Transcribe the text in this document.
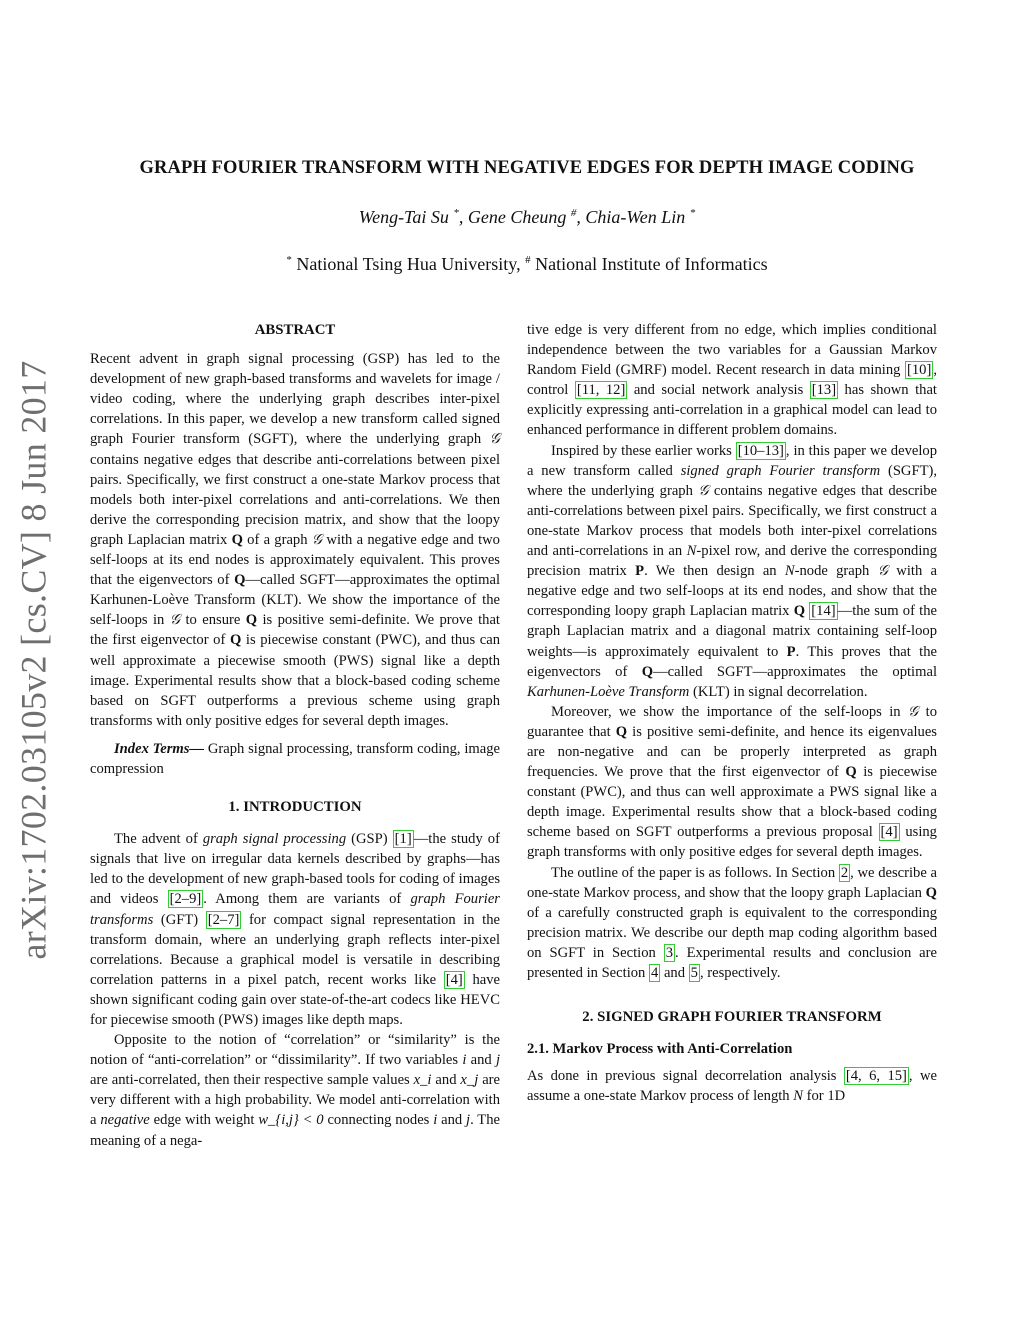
arXiv:1702.03105v2 [cs.CV] 8 Jun 2017
GRAPH FOURIER TRANSFORM WITH NEGATIVE EDGES FOR DEPTH IMAGE CODING
Weng-Tai Su *, Gene Cheung #, Chia-Wen Lin *
* National Tsing Hua University, # National Institute of Informatics
ABSTRACT

Recent advent in graph signal processing (GSP) has led to the development of new graph-based transforms and wavelets for image / video coding, where the underlying graph describes inter-pixel correlations. In this paper, we develop a new transform called signed graph Fourier transform (SGFT), where the underlying graph 𝒢 contains negative edges that describe anti-correlations between pixel pairs. Specifically, we first construct a one-state Markov process that models both inter-pixel correlations and anti-correlations. We then derive the corresponding precision matrix, and show that the loopy graph Laplacian matrix Q of a graph 𝒢 with a negative edge and two self-loops at its end nodes is approximately equivalent. This proves that the eigenvectors of Q—called SGFT—approximates the optimal Karhunen-Loève Transform (KLT). We show the importance of the self-loops in 𝒢 to ensure Q is positive semi-definite. We prove that the first eigenvector of Q is piecewise constant (PWC), and thus can well approximate a piecewise smooth (PWS) signal like a depth image. Experimental results show that a block-based coding scheme based on SGFT outperforms a previous scheme using graph transforms with only positive edges for several depth images.

Index Terms— Graph signal processing, transform coding, image compression

1. INTRODUCTION

The advent of graph signal processing (GSP) [1] —the study of signals that live on irregular data kernels described by graphs—has led to the development of new graph-based tools for coding of images and videos [2–9] . Among them are variants of graph Fourier transforms (GFT) [2–7] for compact signal representation in the transform domain, where an underlying graph reflects inter-pixel correlations. Because a graphical model is versatile in describing correlation patterns in a pixel patch, recent works like [4] have shown significant coding gain over state-of-the-art codecs like HEVC for piecewise smooth (PWS) images like depth maps.

Opposite to the notion of “correlation” or “similarity” is the notion of “anti-correlation” or “dissimilarity”. If two variables i and j are anti-correlated, then their respective sample values x_i and x_j are very different with a high probability. We model anti-correlation with a negative edge with weight w_{i,j} < 0 connecting nodes i and j. The meaning of a nega-

tive edge is very different from no edge, which implies conditional independence between the two variables for a Gaussian Markov Random Field (GMRF) model. Recent research in data mining [10] , control [11, 12] and social network analysis [13] has shown that explicitly expressing anti-correlation in a graphical model can lead to enhanced performance in different problem domains.

Inspired by these earlier works [10–13] , in this paper we develop a new transform called signed graph Fourier transform (SGFT), where the underlying graph 𝒢 contains negative edges that describe anti-correlations between pixel pairs. Specifically, we first construct a one-state Markov process that models both inter-pixel correlations and anti-correlations in an N-pixel row, and derive the corresponding precision matrix P. We then design an N-node graph 𝒢 with a negative edge and two self-loops at its end nodes, and show that the corresponding loopy graph Laplacian matrix Q [14] —the sum of the graph Laplacian matrix and a diagonal matrix containing self-loop weights—is approximately equivalent to P. This proves that the eigenvectors of Q—called SGFT—approximates the optimal Karhunen-Loève Transform (KLT) in signal decorrelation.

Moreover, we show the importance of the self-loops in 𝒢 to guarantee that Q is positive semi-definite, and hence its eigenvalues are non-negative and can be properly interpreted as graph frequencies. We prove that the first eigenvector of Q is piecewise constant (PWC), and thus can well approximate a PWS signal like a depth image. Experimental results show that a block-based coding scheme based on SGFT outperforms a previous proposal [4] using graph transforms with only positive edges for several depth images.

The outline of the paper is as follows. In Section 2 , we describe a one-state Markov process, and show that the loopy graph Laplacian Q of a carefully constructed graph is equivalent to the corresponding precision matrix. We describe our depth map coding algorithm based on SGFT in Section 3 . Experimental results and conclusion are presented in Section 4 and 5 , respectively.

2. SIGNED GRAPH FOURIER TRANSFORM
2.1. Markov Process with Anti-Correlation

As done in previous signal decorrelation analysis [4, 6, 15] , we assume a one-state Markov process of length N for 1D
